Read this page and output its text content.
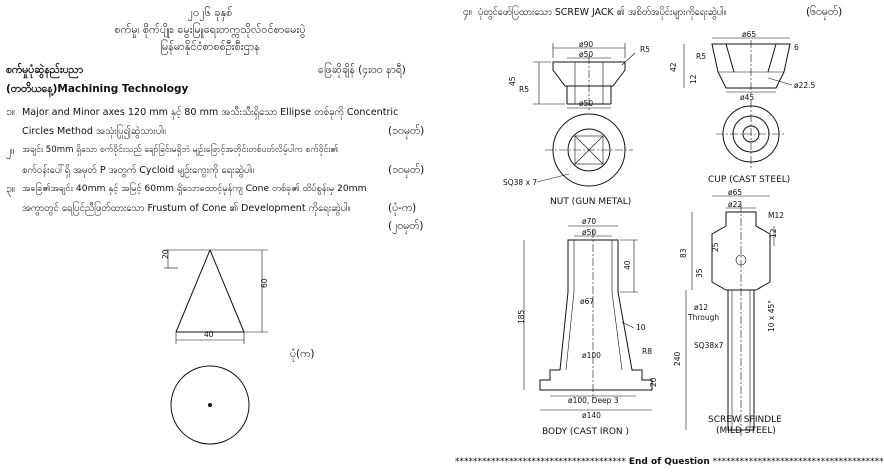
၂၀၂၆ ခုနှစ်
စက်မှု၊ စိုက်ပျိုး၊ မွေးမြူရေးတက္ကသိုလ်ဝင်စာမေးပွဲ
မြန်မာနိုင်ငံစာစစ်ဦးစီးဌာန
စက်မှုပုံဆွဲနည်းပညာ	ဖြေဆိုချိန် (၄း၀၀ နာရီ)
(တတိယနေ့)Machining Technology
၁။ Major and Minor axes 120 mm နှင့် 80 mm အသီးသီးရှိသော Ellipse တစ်ခုကို Concentric
Circles Method အသုံးပြု၍ဆွဲသားပါ။	(၁၀မှတ်)
၂။ အချင်း 50mm ရှိသော စက်ဝိုင်းသည် ချော်ခြင်းမရှိဘဲ မျဉ်းဖြောင့်အတိုင်းတစ်ပတ်လိမ့်ပါက စက်ဝိုင်း၏
စက်ဝန်းပေါ်ရှိ အမှတ် P အတွက် Cycloid မျဉ်းကွေးကို ရေးဆွဲပါ။	(၁၀မှတ်)
၃။ အခြေ၏အချင်း 40mm နှင့် အမြင့် 60mm ရှိသောထောင့်မှန်ကျ Cone တစ်ခု၏ ထိပ်စွန်းမှ 20mm
အကွာတွင် ရေပြင်ညီဖြတ်ထားသော Frustum of Cone ၏ Development ကိုရေးဆွဲပါ။	(ပုံ-က)
(၂၀မှတ်)
20
60
40
ပုံ(က)
၄။ ပုံတွင်ဖော်ပြထားသော SCREW JACK ၏ အစိတ်အပိုင်းများကိုရေးဆွဲပါ။	(၆၀မှတ်)
ø90
ø50
R5
45
R5
ø50
SQ38 x 7
NUT (GUN METAL)
ø65
6
R5
42
12
ø45
ø22.5
CUP (CAST STEEL)
ø70
ø50
40
ø67
185
10
ø100	R8
20
ø100, Deep 3
ø140
BODY (CAST IRON )
ø65
ø22
M12
12
25
83
35
ø12
Through
240
SQ38x7
10 x 45°
SCREW SPINDLE
(MILD STEEL)
************************************** End of Question **************************************
